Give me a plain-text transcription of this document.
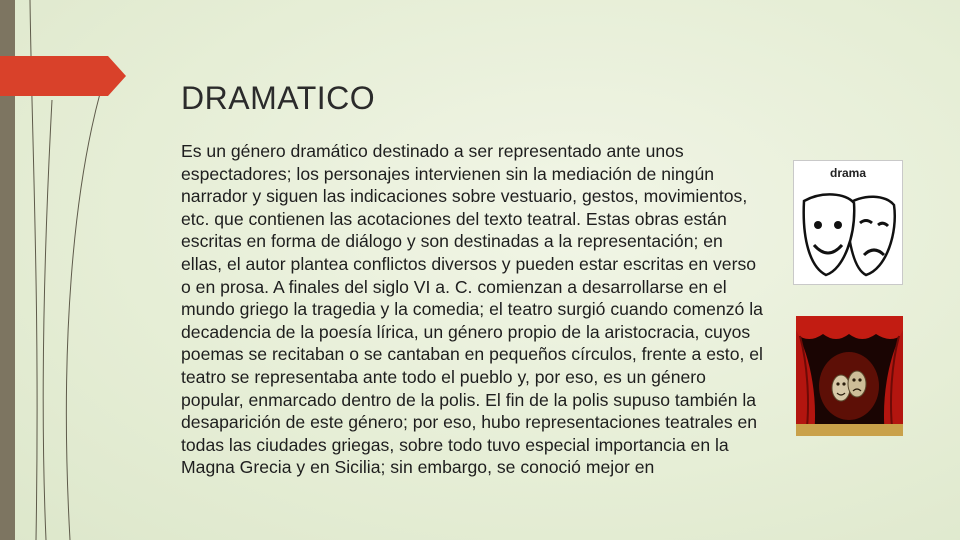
DRAMATICO

Es un género dramático destinado a ser representado ante unos espectadores; los personajes intervienen sin la mediación de ningún narrador y siguen las indicaciones sobre vestuario, gestos, movimientos, etc. que contienen las acotaciones del texto teatral. Estas obras están escritas en forma de diálogo y son destinadas a la representación; en ellas, el autor plantea conflictos diversos y pueden estar escritas en verso o en prosa. A finales del siglo VI a. C. comienzan a desarrollarse en el mundo griego la tragedia y la comedia; el teatro surgió cuando comenzó la decadencia de la poesía lírica, un género propio de la aristocracia, cuyos poemas se recitaban o se cantaban en pequeños círculos, frente a esto, el teatro se representaba ante todo el pueblo y, por eso, es un género popular, enmarcado dentro de la polis. El fin de la polis supuso también la desaparición de este género; por eso, hubo representaciones teatrales en todas las ciudades griegas, sobre todo tuvo especial importancia en la Magna Grecia y en Sicilia; sin embargo, se conoció mejor en

drama
